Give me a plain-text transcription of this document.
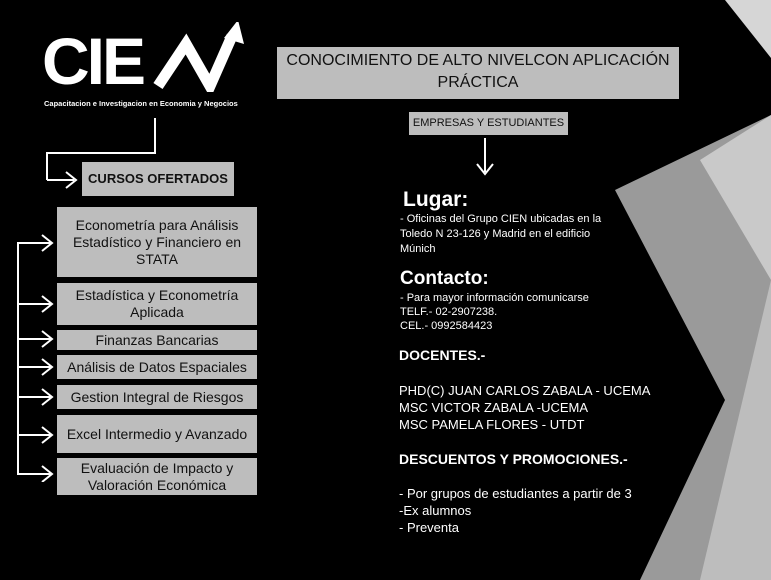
CIE
Capacitacion e Investigacion en Economia y Negocios
CURSOS OFERTADOS
CONOCIMIENTO DE ALTO NIVELCON APLICACIÓN PRÁCTICA
EMPRESAS Y ESTUDIANTES
Econometría para Análisis Estadístico y Financiero en STATA
Estadística y Econometría Aplicada
Finanzas Bancarias
Análisis de Datos Espaciales
Gestion Integral de Riesgos
Excel Intermedio y Avanzado
Evaluación de Impacto y Valoración Económica
Lugar:
- Oficinas del Grupo CIEN ubicadas en la Toledo N 23-126 y Madrid en el edificio Múnich
Contacto:
- Para mayor información comunicarse
TELF.- 02-2907238.
CEL.- 0992584423
DOCENTES.-
PHD(C) JUAN CARLOS ZABALA - UCEMA
MSC VICTOR ZABALA -UCEMA
MSC PAMELA FLORES - UTDT
DESCUENTOS Y PROMOCIONES.-
- Por grupos de estudiantes a partir de 3
-Ex alumnos
- Preventa
